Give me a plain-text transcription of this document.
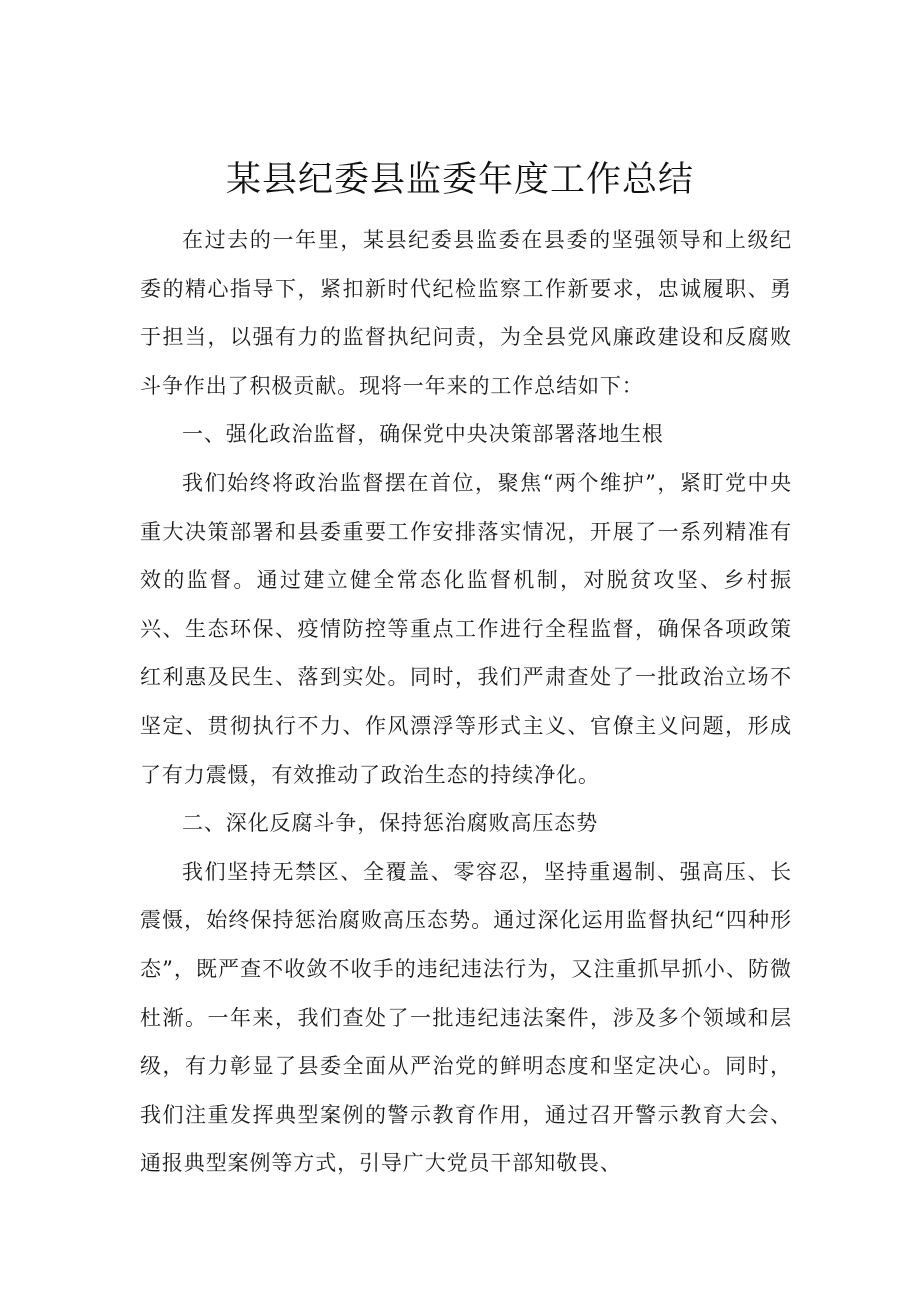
某县纪委县监委年度工作总结

在过去的一年里，某县纪委县监委在县委的坚强领导和上级纪委的精心指导下，紧扣新时代纪检监察工作新要求，忠诚履职、勇于担当，以强有力的监督执纪问责，为全县党风廉政建设和反腐败斗争作出了积极贡献。现将一年来的工作总结如下：

一、强化政治监督，确保党中央决策部署落地生根

我们始终将政治监督摆在首位，聚焦“两个维护”，紧盯党中央重大决策部署和县委重要工作安排落实情况，开展了一系列精准有效的监督。通过建立健全常态化监督机制，对脱贫攻坚、乡村振兴、生态环保、疫情防控等重点工作进行全程监督，确保各项政策红利惠及民生、落到实处。同时，我们严肃查处了一批政治立场不坚定、贯彻执行不力、作风漂浮等形式主义、官僚主义问题，形成了有力震慑，有效推动了政治生态的持续净化。

二、深化反腐斗争，保持惩治腐败高压态势

我们坚持无禁区、全覆盖、零容忍，坚持重遏制、强高压、长震慑，始终保持惩治腐败高压态势。通过深化运用监督执纪“四种形态”，既严查不收敛不收手的违纪违法行为，又注重抓早抓小、防微杜渐。一年来，我们查处了一批违纪违法案件，涉及多个领域和层级，有力彰显了县委全面从严治党的鲜明态度和坚定决心。同时，我们注重发挥典型案例的警示教育作用，通过召开警示教育大会、通报典型案例等方式，引导广大党员干部知敬畏、
